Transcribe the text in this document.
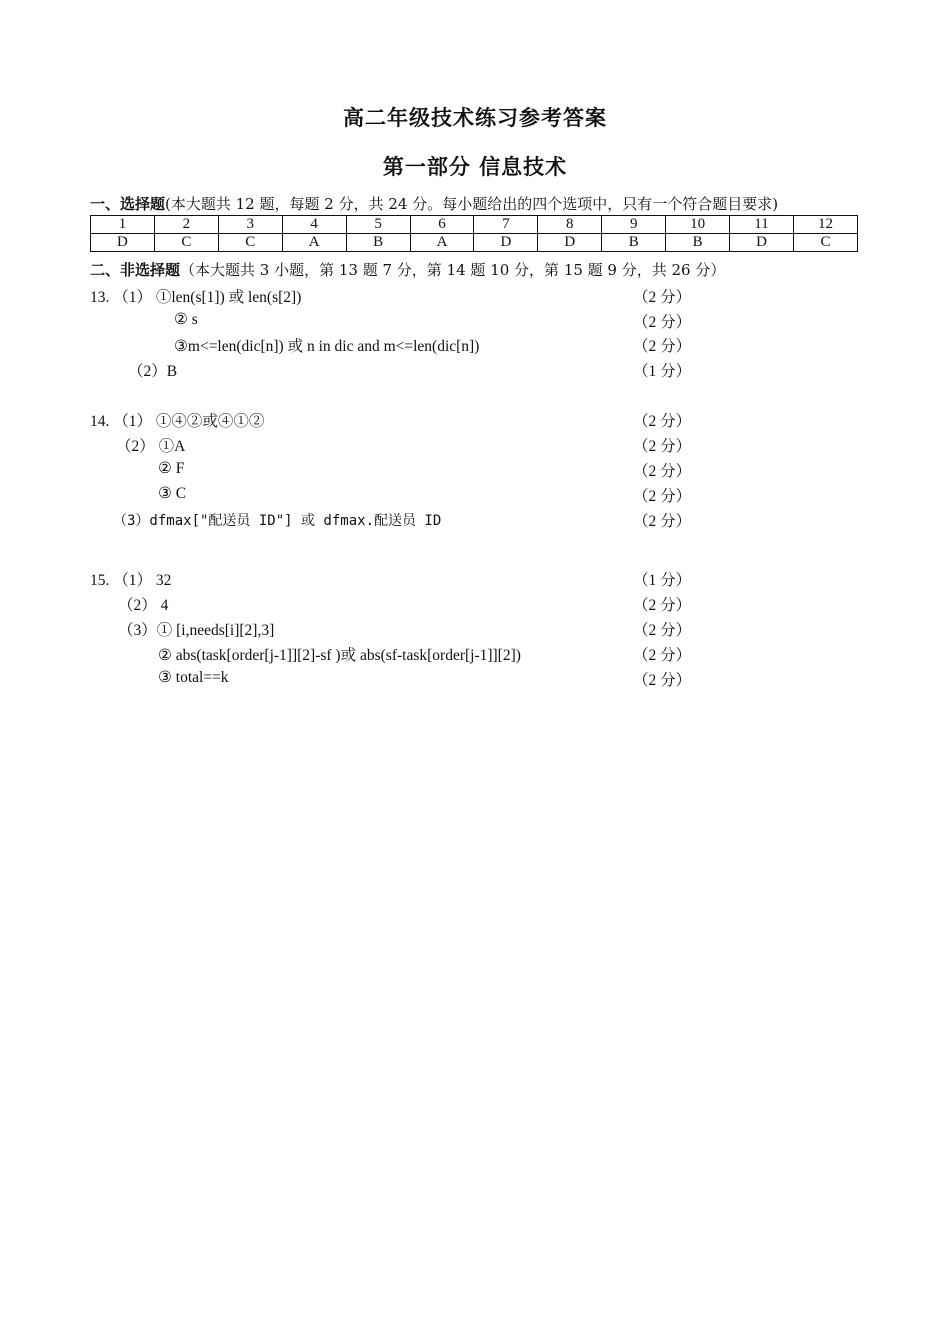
高二年级技术练习参考答案
第一部分 信息技术
一、选择题(本大题共 12 题，每题 2 分，共 24 分。每小题给出的四个选项中，只有一个符合题目要求)
1	2	3	4	5	6	7	8	9	10	11	12
D	C	C	A	B	A	D	D	B	B	D	C
二、非选择题（本大题共 3 小题，第 13 题 7 分，第 14 题 10 分，第 15 题 9 分，共 26 分）
13. （1） ①len(s[1]) 或 len(s[2])	（2 分）
② s	（2 分）
③m<=len(dic[n]) 或 n in dic and m<=len(dic[n])	（2 分）
（2）B	（1 分）
14. （1） ①④②或④①②	（2 分）
（2） ①A	（2 分）
② F	（2 分）
③ C	（2 分）
（3）dfmax["配送员 ID"] 或 dfmax.配送员 ID	（2 分）
15. （1） 32	（1 分）
（2） 4	（2 分）
（3）① [i,needs[i][2],3]	（2 分）
② abs(task[order[j-1]][2]-sf )或 abs(sf-task[order[j-1]][2])	（2 分）
③ total==k	（2 分）
